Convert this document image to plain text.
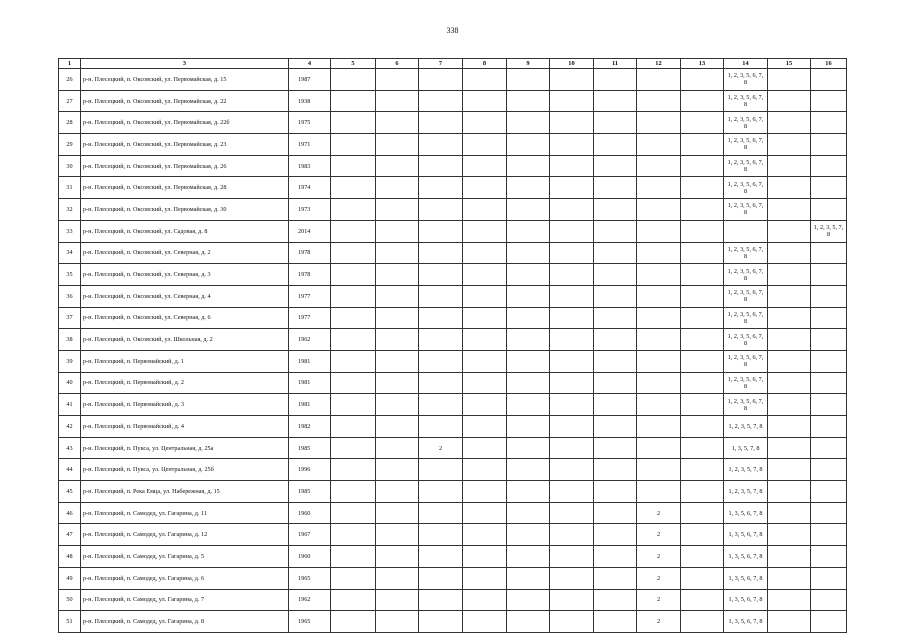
338
1	3	4	5	6	7	8	9	10	11	12	13	14	15	16
26	р-н. Плесецкий, п. Оксовский, ул. Первомайская, д. 15	1987										1, 2, 3, 5, 6, 7, 8		
27	р-н. Плесецкий, п. Оксовский, ул. Первомайская, д. 22	1938										1, 2, 3, 5, 6, 7, 8		
28	р-н. Плесецкий, п. Оксовский, ул. Первомайская, д. 22б	1975										1, 2, 3, 5, 6, 7, 8		
29	р-н. Плесецкий, п. Оксовский, ул. Первомайская, д. 23	1971										1, 2, 3, 5, 6, 7, 8		
30	р-н. Плесецкий, п. Оксовский, ул. Первомайская, д. 26	1983										1, 2, 3, 5, 6, 7, 8		
31	р-н. Плесецкий, п. Оксовский, ул. Первомайская, д. 28	1974										1, 2, 3, 5, 6, 7, 8		
32	р-н. Плесецкий, п. Оксовский, ул. Первомайская, д. 30	1973										1, 2, 3, 5, 6, 7, 8		
33	р-н. Плесецкий, п. Оксовский, ул. Садовая, д. 8	2014												1, 2, 3, 5, 7, 8
34	р-н. Плесецкий, п. Оксовский, ул. Северная, д. 2	1978										1, 2, 3, 5, 6, 7, 8		
35	р-н. Плесецкий, п. Оксовский, ул. Северная, д. 3	1978										1, 2, 3, 5, 6, 7, 8		
36	р-н. Плесецкий, п. Оксовский, ул. Северная, д. 4	1977										1, 2, 3, 5, 6, 7, 8		
37	р-н. Плесецкий, п. Оксовский, ул. Северная, д. 6	1977										1, 2, 3, 5, 6, 7, 8		
38	р-н. Плесецкий, п. Оксовский, ул. Школьная, д. 2	1962										1, 2, 3, 5, 6, 7, 8		
39	р-н. Плесецкий, п. Первомайский, д. 1	1981										1, 2, 3, 5, 6, 7, 8		
40	р-н. Плесецкий, п. Первомайский, д. 2	1981										1, 2, 3, 5, 6, 7, 8		
41	р-н. Плесецкий, п. Первомайский, д. 3	1981										1, 2, 3, 5, 6, 7, 8		
42	р-н. Плесецкий, п. Первомайский, д. 4	1982										1, 2, 3, 5, 7, 8		
43	р-н. Плесецкий, п. Пукса, ул. Центральная, д. 25а	1985			2							1, 3, 5, 7, 8		
44	р-н. Плесецкий, п. Пукса, ул. Центральная, д. 25б	1996										1, 2, 3, 5, 7, 8		
45	р-н. Плесецкий, п. Река Емца, ул. Набережная, д. 15	1985										1, 2, 3, 5, 7, 8		
46	р-н. Плесецкий, п. Самодед, ул. Гагарина, д. 11	1960								2		1, 3, 5, 6, 7, 8		
47	р-н. Плесецкий, п. Самодед, ул. Гагарина, д. 12	1967								2		1, 3, 5, 6, 7, 8		
48	р-н. Плесецкий, п. Самодед, ул. Гагарина, д. 5	1960								2		1, 3, 5, 6, 7, 8		
49	р-н. Плесецкий, п. Самодед, ул. Гагарина, д. 6	1965								2		1, 3, 5, 6, 7, 8		
50	р-н. Плесецкий, п. Самодед, ул. Гагарина, д. 7	1962								2		1, 3, 5, 6, 7, 8		
51	р-н. Плесецкий, п. Самодед, ул. Гагарина, д. 8	1965								2		1, 3, 5, 6, 7, 8		
